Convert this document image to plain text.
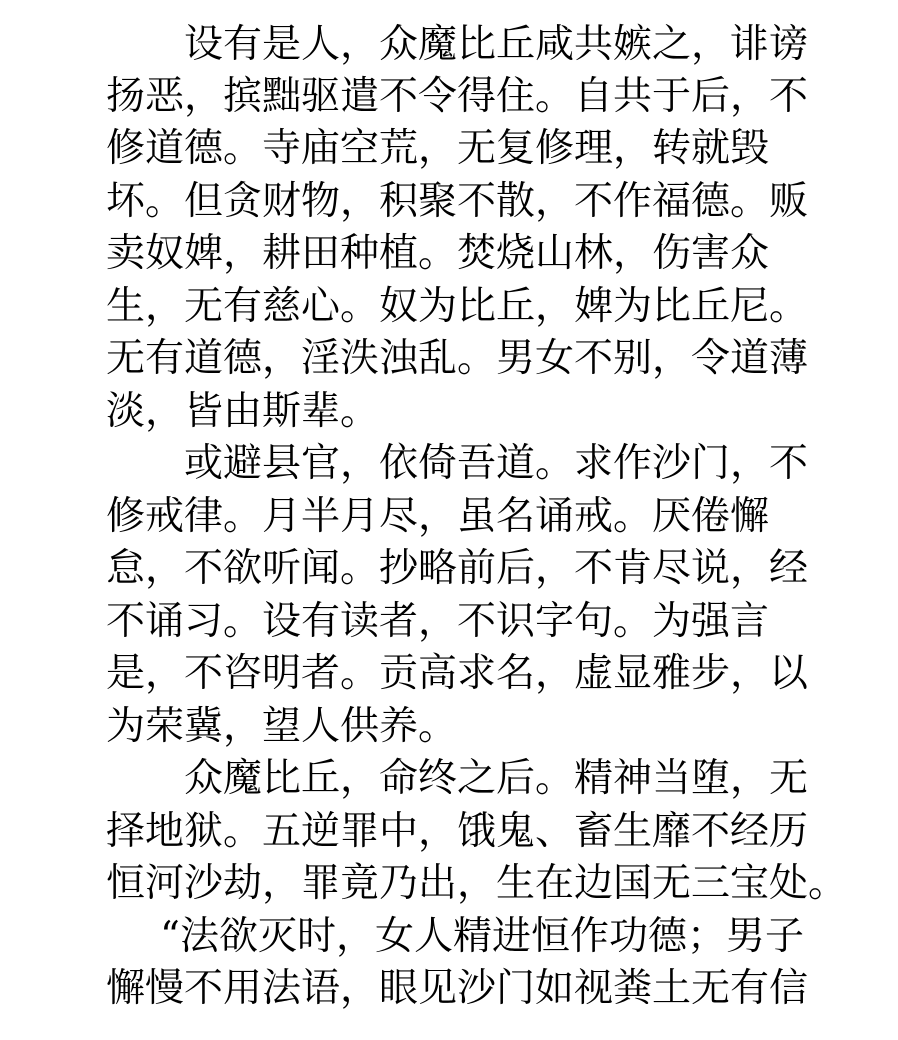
设有是人，众魔比丘咸共嫉之，诽谤
扬恶，摈黜驱遣不令得住。自共于后，不
修道德。寺庙空荒，无复修理，转就毁
坏。但贪财物，积聚不散，不作福德。贩
卖奴婢，耕田种植。焚烧山林，伤害众
生，无有慈心。奴为比丘，婢为比丘尼。
无有道德，淫泆浊乱。男女不别，令道薄
淡，皆由斯辈。
或避县官，依倚吾道。求作沙门，不
修戒律。月半月尽，虽名诵戒。厌倦懈
怠，不欲听闻。抄略前后，不肯尽说，经
不诵习。设有读者，不识字句。为强言
是，不咨明者。贡高求名，虚显雅步，以
为荣冀，望人供养。
众魔比丘，命终之后。精神当堕，无
择地狱。五逆罪中，饿鬼、畜生靡不经历
恒河沙劫，罪竟乃出，生在边国无三宝处。
“法欲灭时，女人精进恒作功德；男子
懈慢不用法语，眼见沙门如视粪土无有信
